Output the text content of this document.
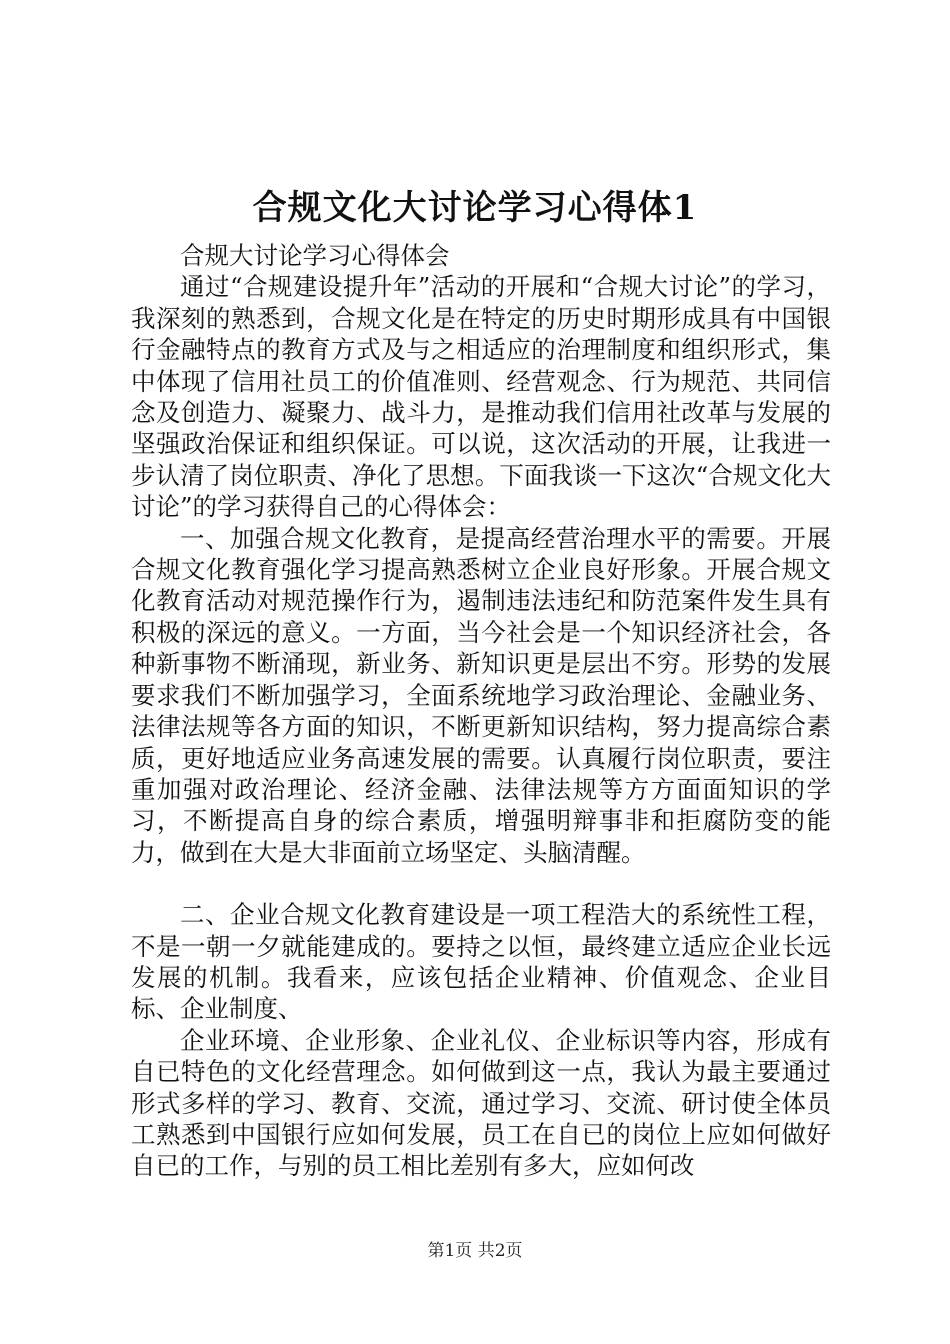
合规文化大讨论学习心得体1

合规大讨论学习心得体会

通过“合规建设提升年”活动的开展和“合规大讨论”的学习，我深刻的熟悉到，合规文化是在特定的历史时期形成具有中国银行金融特点的教育方式及与之相适应的治理制度和组织形式，集中体现了信用社员工的价值准则、经营观念、行为规范、共同信念及创造力、凝聚力、战斗力，是推动我们信用社改革与发展的坚强政治保证和组织保证。可以说，这次活动的开展，让我进一步认清了岗位职责、净化了思想。下面我谈一下这次“合规文化大讨论”的学习获得自己的心得体会：

一、加强合规文化教育，是提高经营治理水平的需要。开展合规文化教育强化学习提高熟悉树立企业良好形象。开展合规文化教育活动对规范操作行为，遏制违法违纪和防范案件发生具有积极的深远的意义。一方面，当今社会是一个知识经济社会，各种新事物不断涌现，新业务、新知识更是层出不穷。形势的发展要求我们不断加强学习，全面系统地学习政治理论、金融业务、法律法规等各方面的知识，不断更新知识结构，努力提高综合素质，更好地适应业务高速发展的需要。认真履行岗位职责，要注重加强对政治理论、经济金融、法律法规等方方面面知识的学习，不断提高自身的综合素质，增强明辩事非和拒腐防变的能力，做到在大是大非面前立场坚定、头脑清醒。

二、企业合规文化教育建设是一项工程浩大的系统性工程，不是一朝一夕就能建成的。要持之以恒，最终建立适应企业长远发展的机制。我看来，应该包括企业精神、价值观念、企业目标、企业制度、

企业环境、企业形象、企业礼仪、企业标识等内容，形成有自已特色的文化经营理念。如何做到这一点，我认为最主要通过形式多样的学习、教育、交流，通过学习、交流、研讨使全体员工熟悉到中国银行应如何发展，员工在自已的岗位上应如何做好自已的工作，与别的员工相比差别有多大，应如何改

第1页 共2页
